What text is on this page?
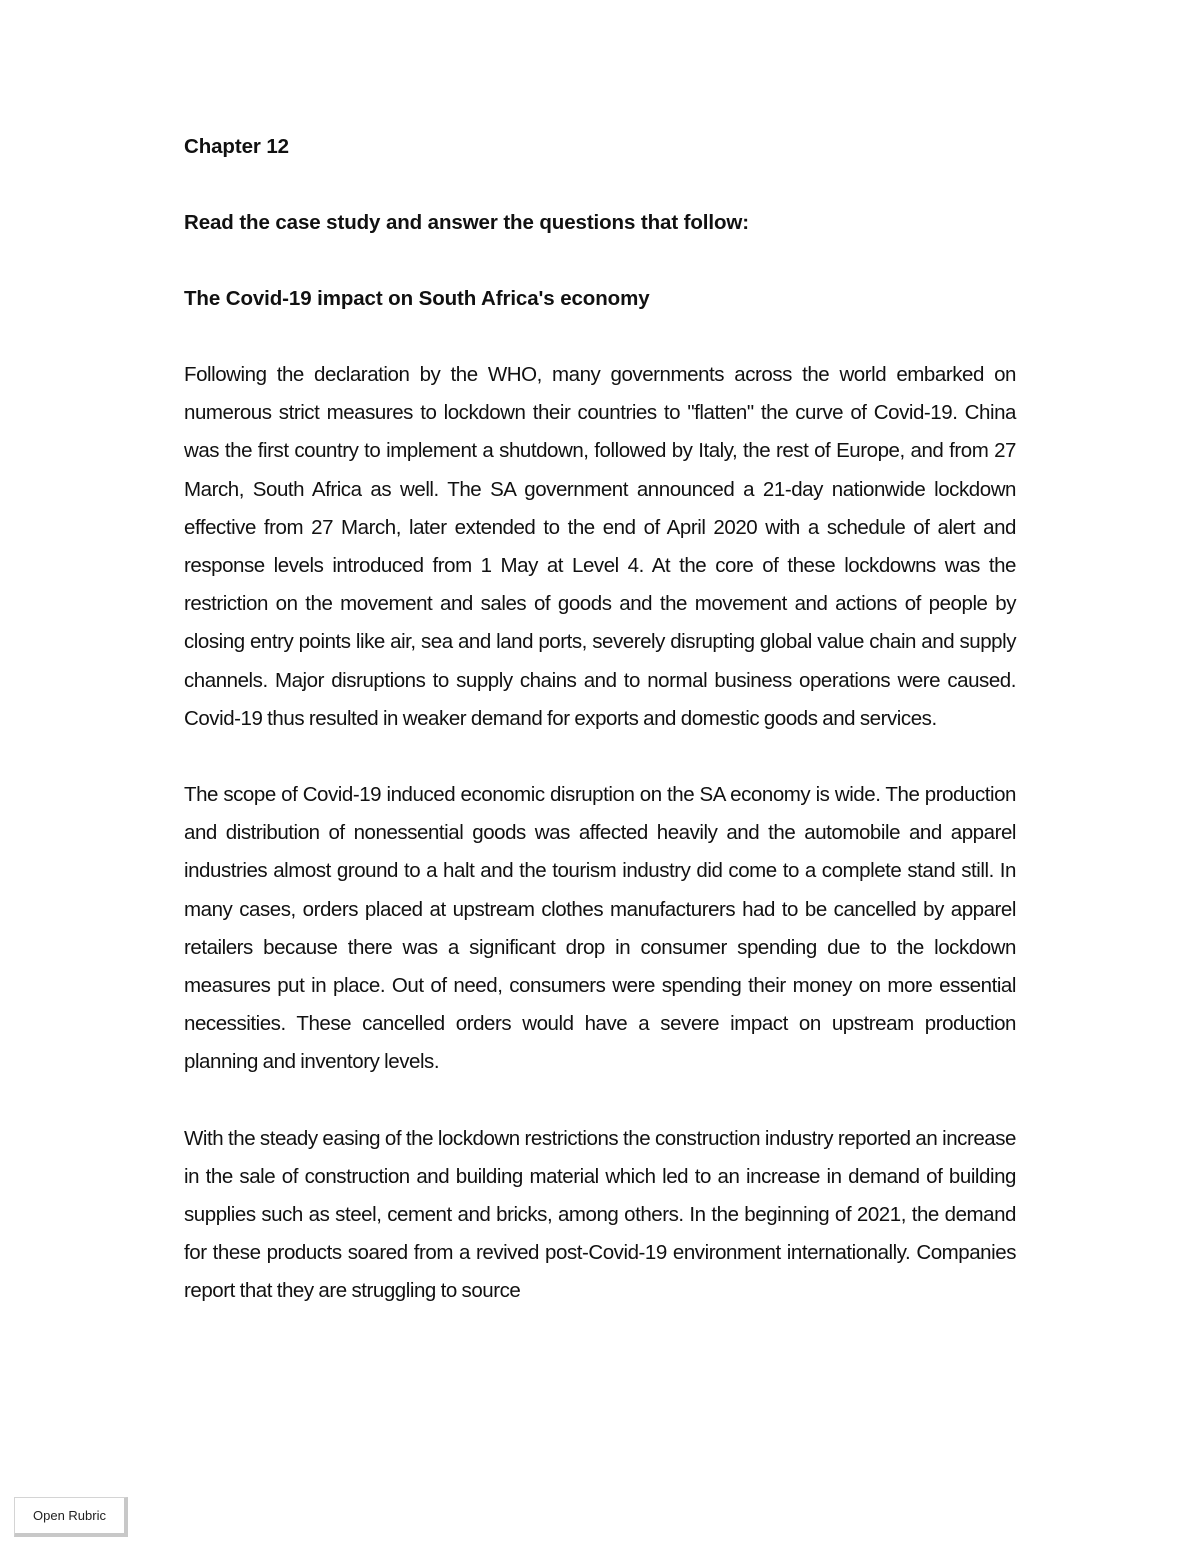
Chapter 12
Read the case study and answer the questions that follow:
The Covid-19 impact on South Africa's economy

Following the declaration by the WHO, many governments across the world embarked on numerous strict measures to lockdown their countries to "flatten" the curve of Covid-19. China was the first country to implement a shutdown, followed by Italy, the rest of Europe, and from 27 March, South Africa as well. The SA government announced a 21-day nationwide lockdown effective from 27 March, later extended to the end of April 2020 with a schedule of alert and response levels introduced from 1 May at Level 4. At the core of these lockdowns was the restriction on the movement and sales of goods and the movement and actions of people by closing entry points like air, sea and land ports, severely disrupting global value chain and supply channels. Major disruptions to supply chains and to normal business operations were caused. Covid-19 thus resulted in weaker demand for exports and domestic goods and services.

The scope of Covid-19 induced economic disruption on the SA economy is wide. The production and distribution of nonessential goods was affected heavily and the automobile and apparel industries almost ground to a halt and the tourism industry did come to a complete stand still. In many cases, orders placed at upstream clothes manufacturers had to be cancelled by apparel retailers because there was a significant drop in consumer spending due to the lockdown measures put in place. Out of need, consumers were spending their money on more essential necessities. These cancelled orders would have a severe impact on upstream production planning and inventory levels.

With the steady easing of the lockdown restrictions the construction industry reported an increase in the sale of construction and building material which led to an increase in demand of building supplies such as steel, cement and bricks, among others. In the beginning of 2021, the demand for these products soared from a revived post-Covid-19 environment internationally. Companies report that they are struggling to source

Open Rubric
